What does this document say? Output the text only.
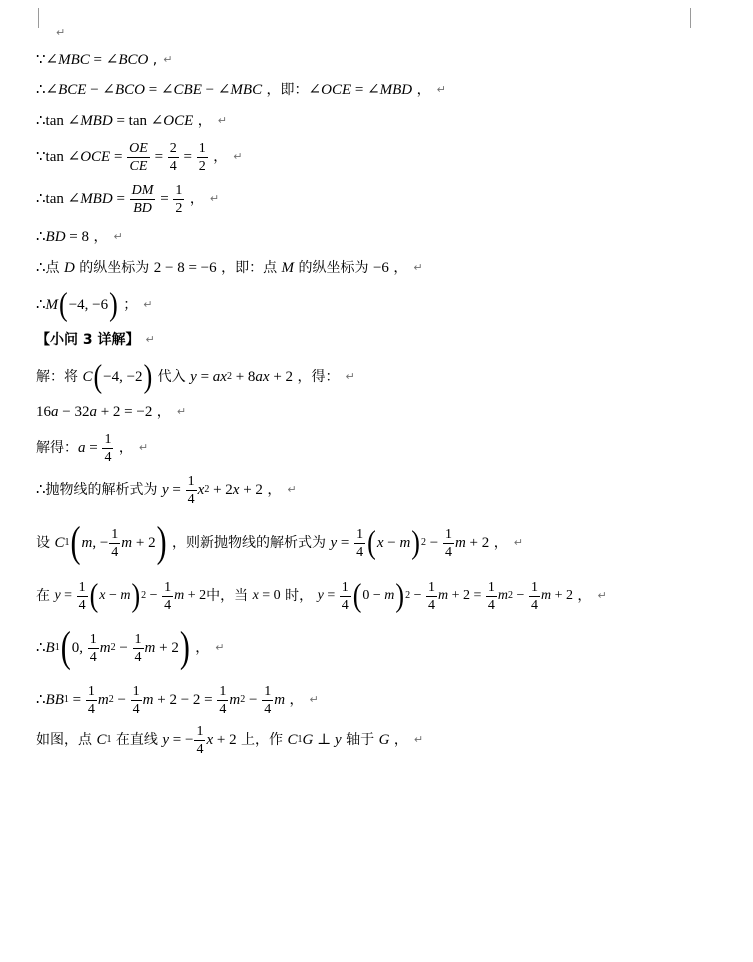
↵
∵∠ MBC = ∠ BCO , ↵
∴∠ BCE − ∠ BCO = ∠ CBE − ∠ MBC ，即： ∠ OCE = ∠ MBD ， ↵
∴tan ∠ MBD = tan ∠ OCE ， ↵
∵tan ∠ OCE = $\frac{OE}{CE} = \frac{2}{4} = \frac{1}{2}$ ， ↵
∴tan ∠ MBD = $\frac{DM}{BD} = \frac{1}{2}$ ， ↵
∴ BD = 8 ， ↵
∴ 点 D 的纵坐标为 2 − 8 = −6 ，即：点 M 的纵坐标为 −6 ， ↵
∴ M ( −4, −6 ) ； ↵
【小问 3 详解】 ↵
解：将 C ( −4, −2 ) 代入 y = ax 2 + 8 ax + 2 ，得： ↵
16 a − 32 a + 2 = −2 ， ↵
解得： $a = \frac{1}{4}$ ， ↵
∴ 抛物线的解析式为 $y = \frac{1}{4}$ x 2 + 2 x + 2 ， ↵
设 C 1 ( m , − $\frac{1}{4}$ m + 2 ) ，则新抛物线的解析式为 $y = \frac{1}{4}$ ( x − m ) $2 - \frac{1}{4}$ m + 2 ， ↵
在 $y = \frac{1}{4}$ ( x − m ) $2 - \frac{1}{4}$ m + 2 中，当 x = 0 时， $y = \frac{1}{4}$ ( 0 − m ) $2 - \frac{1}{4}$ $m + 2 = \frac{1}{4}$ m $2 - \frac{1}{4}$ m + 2 ， ↵
∴ B 1 ( 0,
1
4
m $2 - \frac{1}{4}$ m + 2 ) ， ↵
∴ BB $1 = \frac{1}{4}$ m $2 - \frac{1}{4}$ $m + 2 - 2 = \frac{1}{4}$ m $2 - \frac{1}{4}$ m ， ↵
如图，点 C 1 在直线 y = − $\frac{1}{4}$ x + 2 上，作 C 1 G ⊥ y 轴于 G ， ↵
